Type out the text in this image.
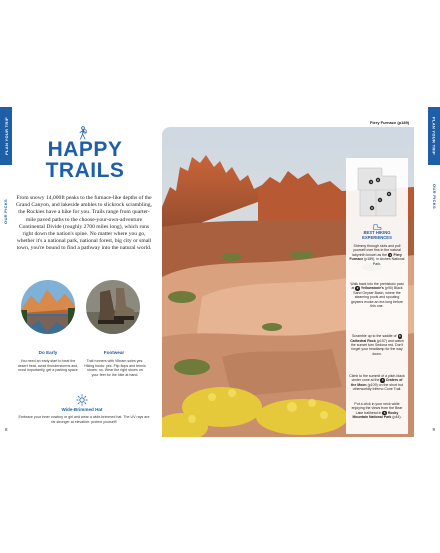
PLAN YOUR TRIP
OUR PICKS
PLAN YOUR TRIP
OUR PICKS
8	9
HAPPY
TRAILS
From snowy 14,000ft peaks to the furnace-like depths of the Grand Canyon, and lakeside ambles to slickrock scrambling, the Rockies have a hike for you. Trails range from quarter-mile paved paths to the choose-your-own-adventure Continental Divide (roughly 2700 miles long), which runs right down the nation's spine. No matter where you go, whether it's a national park, national forest, big city or small town, you're bound to find a pathway into the natural world.
Do Early
You need an early start to beat the desert heat, avoid thunderstorms and, most importantly, get a parking space
Footwear
Trail runners with Vibram soles yes. Hiking boots: yes. Flip-flops and tennis shoes: no. Wear the right shoes on your feet for the hike at hand.
Wide-Brimmed Hat
Embrace your inner cowboy or girl and wear a wide-brimmed hat. The UV rays are far stronger at elevation: protect yourself!
Fiery Furnace (p189)
4 2
5
1
3
BEST HIKING
EXPERIENCES
Shimmy through slots and pull yourself over fins in the natural labyrinth known as the 1 Fiery Furnace (p189), in Arches National Park.
Walk back into the prehistoric past at 2 Yellowstone's (p90) Black Sand Geyser Basin, where the steaming pools and spouting geysers evoke an era long before this one.
Scramble up to the saddle of 3 Cathedral Rock (p157) and watch the sunset turn Sedona red. Don't forget your headlamp for the way down.
Climb to the summit of a pitch-black cinder cone at the 4 Craters of the Moon (p109) on the short but otherworldly Inferno Cone Trail.
Put a crick in your neck while enjoying the views from the Bear Lake trailhead in 5 Rocky Mountain National Park (p44).
